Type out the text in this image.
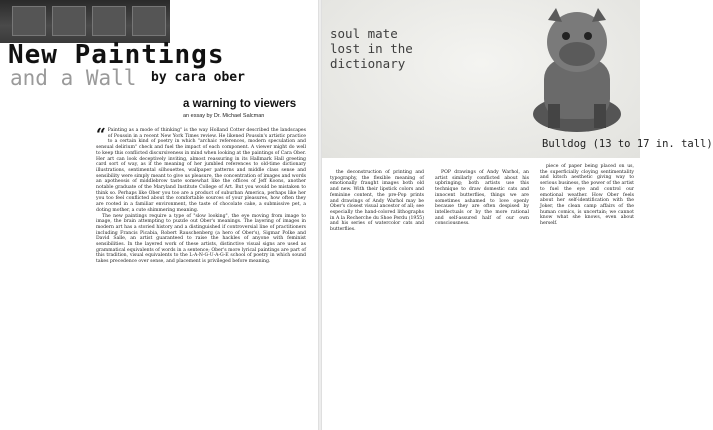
New Paintings
and a Wall by cara ober
a warning to viewers
an essay by Dr. Michael Salcman

“ Painting as a mode of thinking" is the way Holland Cotter described the landscapes of Poussin in a recent New York Times review. He likened Poussin's artistic practice to a certain kind of poetry in which "archaic references, modern speculation and sensual delirium" check and fuel the impact of each component. A viewer might do well to keep this conflicted discursiveness in mind when looking at the paintings of Cara Ober. Her art can look deceptively inviting, almost reassuring in its Hallmark Hall greeting card sort of way, as if the meaning of her jumbled references to old-time dictionary illustrations, sentimental silhouettes, wallpaper patterns and middle class sense and sensibility were simply meant to give us pleasure, the concentration of images and words an apotheosis of middlebrow taste somewhat like the offices of Jeff Koons, another notable graduate of the Maryland Institute College of Art. But you would be mistaken to think so. Perhaps like Ober you too are a product of suburban America, perhaps like her you too feel conflicted about the comfortable sources of your pleasures, how often they are rooted in a familiar environment, the taste of chocolate cake, a submissive pet, a doting mother, a cute shimmering meaning.

The new paintings require a type of "slow looking", the eye moving from image to image, the brain attempting to puzzle out Ober's meanings. The layering of images in modern art has a storied history and a distinguished if controversial line of practitioners including Francis Picabia, Robert Rauschenberg (a hero of Ober's), Sigmar Polke and David Salle, an artist guaranteed to raise the hackles of anyone with feminist sensibilities. In the layered work of these artists, distinctive visual signs are used as grammatical equivalents of words in a sentence; Ober's more lyrical paintings are part of this tradition, visual equivalents to the L-A-N-G-U-A-G-E school of poetry in which sound takes precedence over sense, and placement is privileged before meaning.

soul mate
lost in the
dictionary
Bulldog (13 to 17 in. tall)

the deconstruction of printing and typography, the flexible meaning of emotionally fraught images both old and new. With their lipstick colors and feminine content, the pre-Pop prints and drawings of Andy Warhol may be Ober's closest visual ancestor of all; see especially the hand-colored lithographs in A la Recherche du Shoe Perdu (1955) and his series of watercolor cats and butterflies.

POP drawings of Andy Warhol, an artist similarly conflicted about his upbringing; both artists use this technique to draw domestic cats and innocent butterflies, things we are sometimes ashamed to love openly because they are often despised by intellectuals or by the more rational and self-assured half of our own consciousness.

piece of paper being placed on us, the superficially cloying sentimentality and kitsch aesthetic giving way to serious business, the power of the artist to fuel the eye and control our emotional weather. How Ober feels about her self-identification with the Joker, the clean camp affairs of the human comics, is uncertain; we cannot know what she knows, even about herself.
